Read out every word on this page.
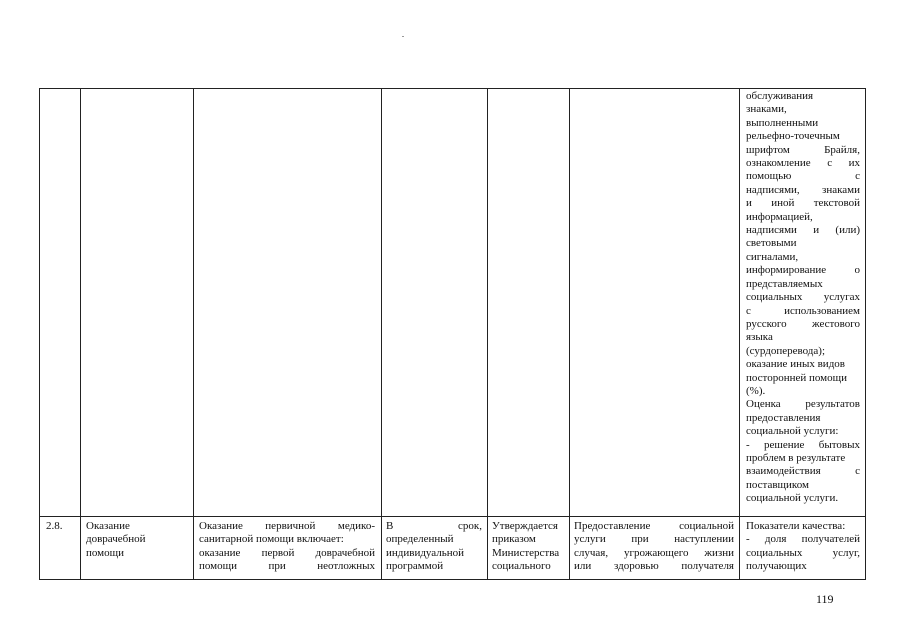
обслуживания
знаками,
выполненными
рельефно-точечным
шрифтом Брайля,
ознакомление с их
помощью с
надписями, знаками
и иной текстовой
информацией,
надписями и (или)
световыми
сигналами,
информирование о
представляемых
социальных услугах
с использованием
русского жестового
языка
(сурдоперевода);
оказание иных видов
посторонней помощи
(%).
Оценка результатов
предоставления
социальной услуги:
- решение бытовых
проблем в результате
взаимодействия с
поставщиком
социальной услуги.
2.8. Оказание
доврачебной
помощи
Оказание первичной медико-
санитарной помощи включает:
оказание первой доврачебной
помощи при неотложных
В срок,
определенный
индивидуальной
программой
Утверждается
приказом
Министерства
социального
Предоставление социальной
услуги при наступлении
случая, угрожающего жизни
или здоровью получателя
Показатели качества:
- доля получателей
социальных услуг,
получающих
119
